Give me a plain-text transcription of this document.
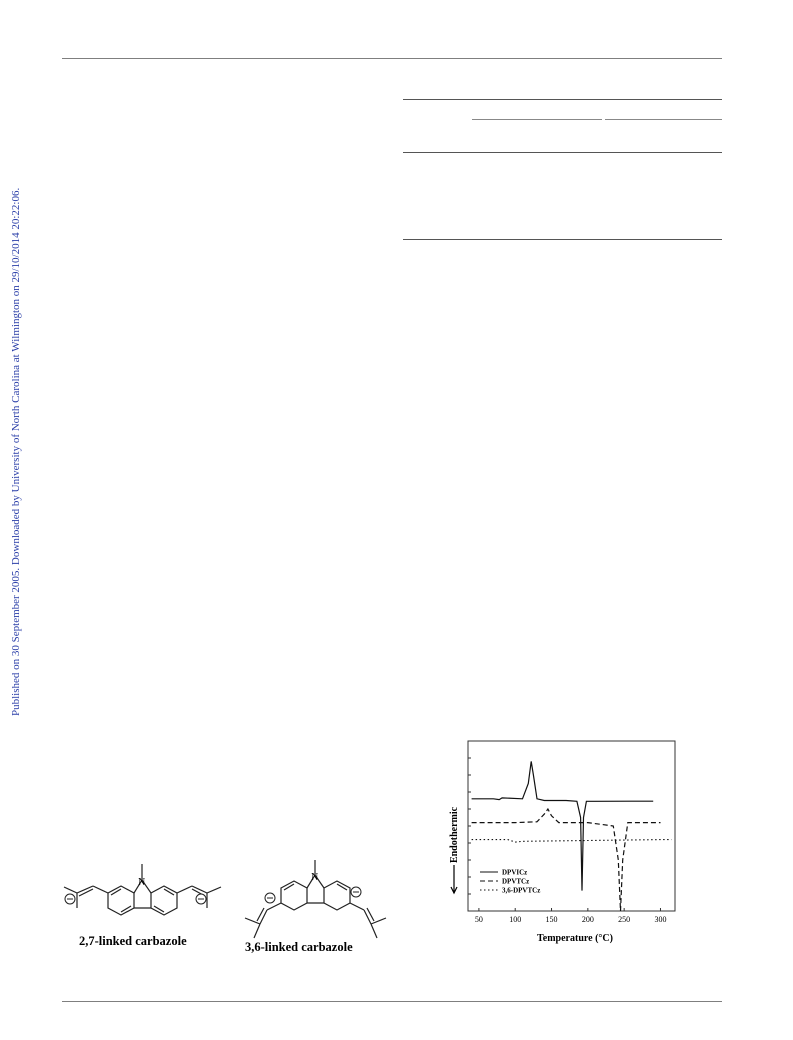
Published on 30 September 2005. Downloaded by University of North Carolina at Wilmington on 29/10/2014 20:22:06.
N	N
2,7-linked carbazole	3,6-linked carbazole
50	100	150	200	250	300
DPVICz
DPVTCz
3,6-DPVTCz
Endothermic
Temperature (°C)
